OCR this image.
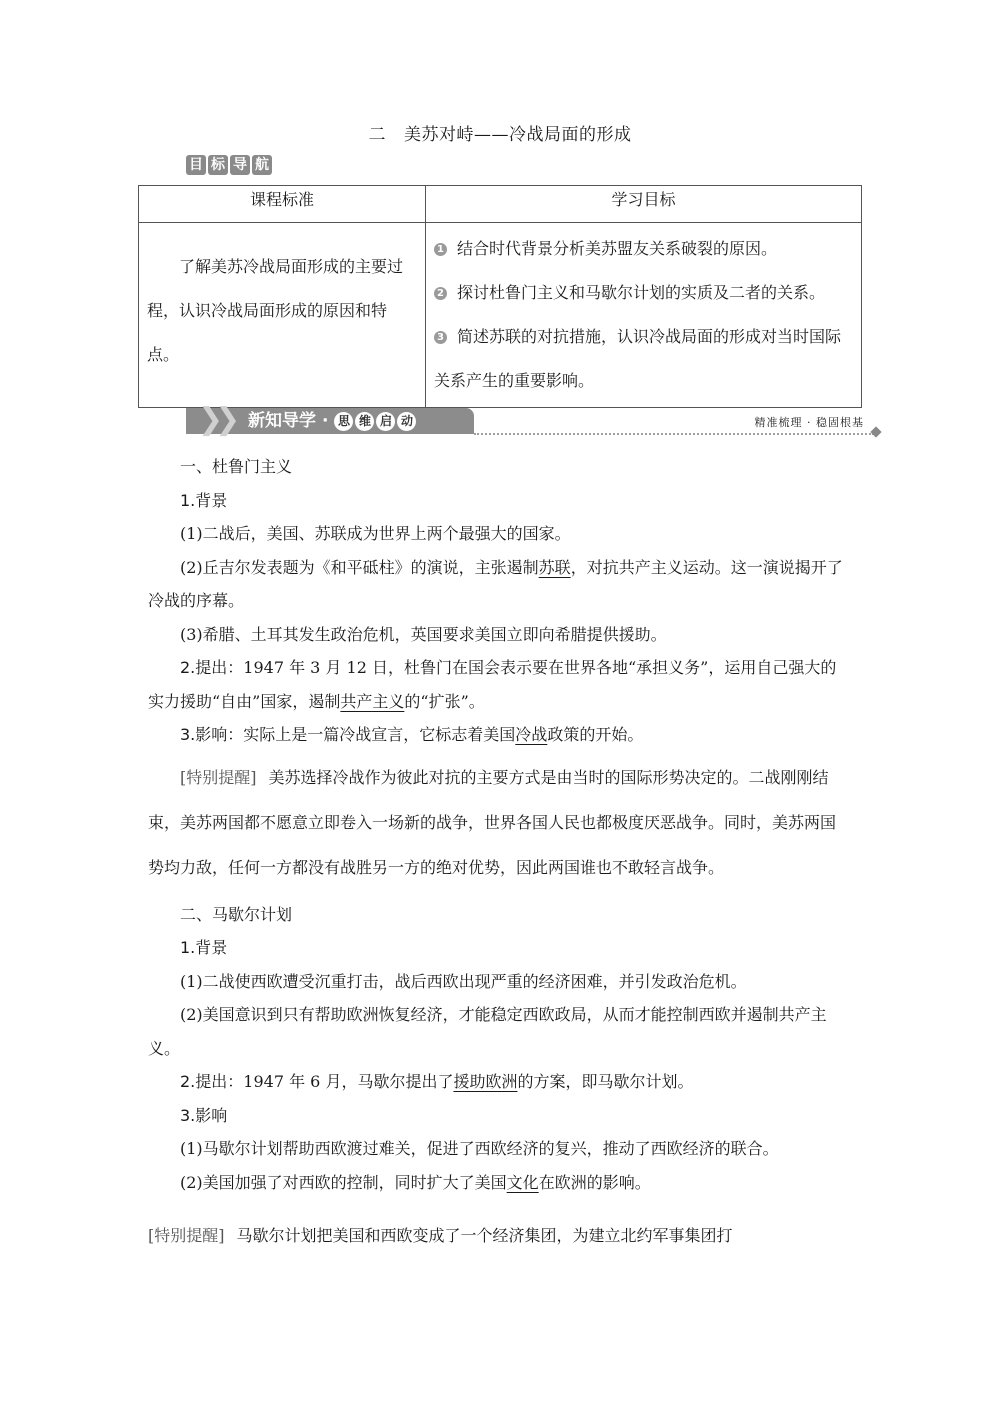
二 美苏对峙——冷战局面的形成
目 标 导 航
课程标准	学习目标
了解美苏冷战局面形成的主要过程，认识冷战局面形成的原因和特点。	1 结合时代背景分析美苏盟友关系破裂的原因。
2 探讨杜鲁门主义和马歇尔计划的实质及二者的关系。
3 简述苏联的对抗措施，认识冷战局面的形成对当时国际关系产生的重要影响。
❯❯ 新知导学 · 思 维 启 动	精准梳理 · 稳固根基

一、杜鲁门主义

1.背景

(1)二战后，美国、苏联成为世界上两个最强大的国家。

(2)丘吉尔发表题为《和平砥柱》的演说，主张遏制苏联，对抗共产主义运动。这一演说揭开了冷战的序幕。

(3)希腊、土耳其发生政治危机，英国要求美国立即向希腊提供援助。

2.提出：1947 年 3 月 12 日，杜鲁门在国会表示要在世界各地“承担义务”，运用自己强大的实力援助“自由”国家，遏制共产主义的“扩张”。

3.影响：实际上是一篇冷战宣言，它标志着美国冷战政策的开始。

[特别提醒] 美苏选择冷战作为彼此对抗的主要方式是由当时的国际形势决定的。二战刚刚结束，美苏两国都不愿意立即卷入一场新的战争，世界各国人民也都极度厌恶战争。同时，美苏两国势均力敌，任何一方都没有战胜另一方的绝对优势，因此两国谁也不敢轻言战争。

二、马歇尔计划

1.背景

(1)二战使西欧遭受沉重打击，战后西欧出现严重的经济困难，并引发政治危机。

(2)美国意识到只有帮助欧洲恢复经济，才能稳定西欧政局，从而才能控制西欧并遏制共产主义。

2.提出：1947 年 6 月，马歇尔提出了援助欧洲的方案，即马歇尔计划。

3.影响

(1)马歇尔计划帮助西欧渡过难关，促进了西欧经济的复兴，推动了西欧经济的联合。

(2)美国加强了对西欧的控制，同时扩大了美国文化在欧洲的影响。

[特别提醒] 马歇尔计划把美国和西欧变成了一个经济集团，为建立北约军事集团打
